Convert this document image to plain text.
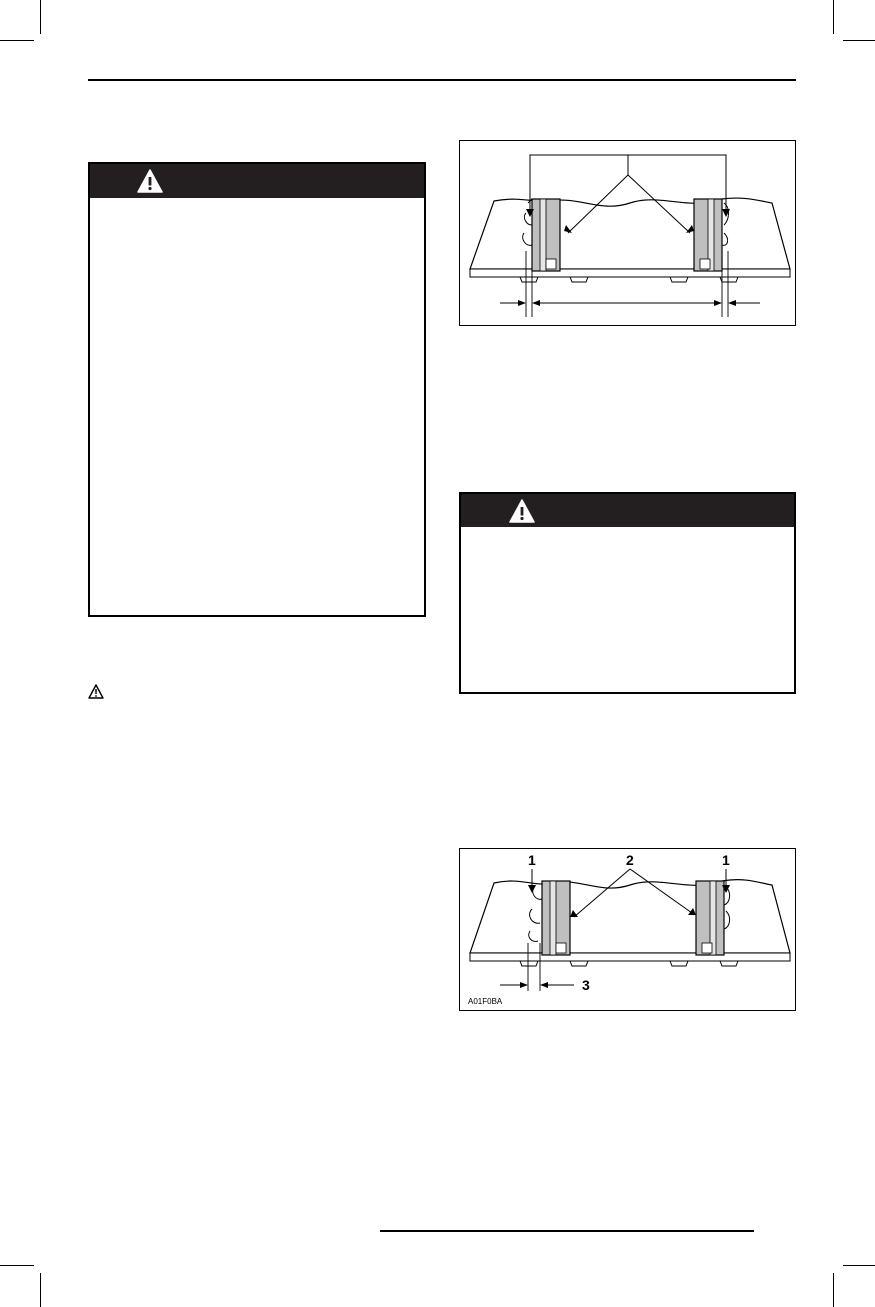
1	2	1
3
A01F0BA
